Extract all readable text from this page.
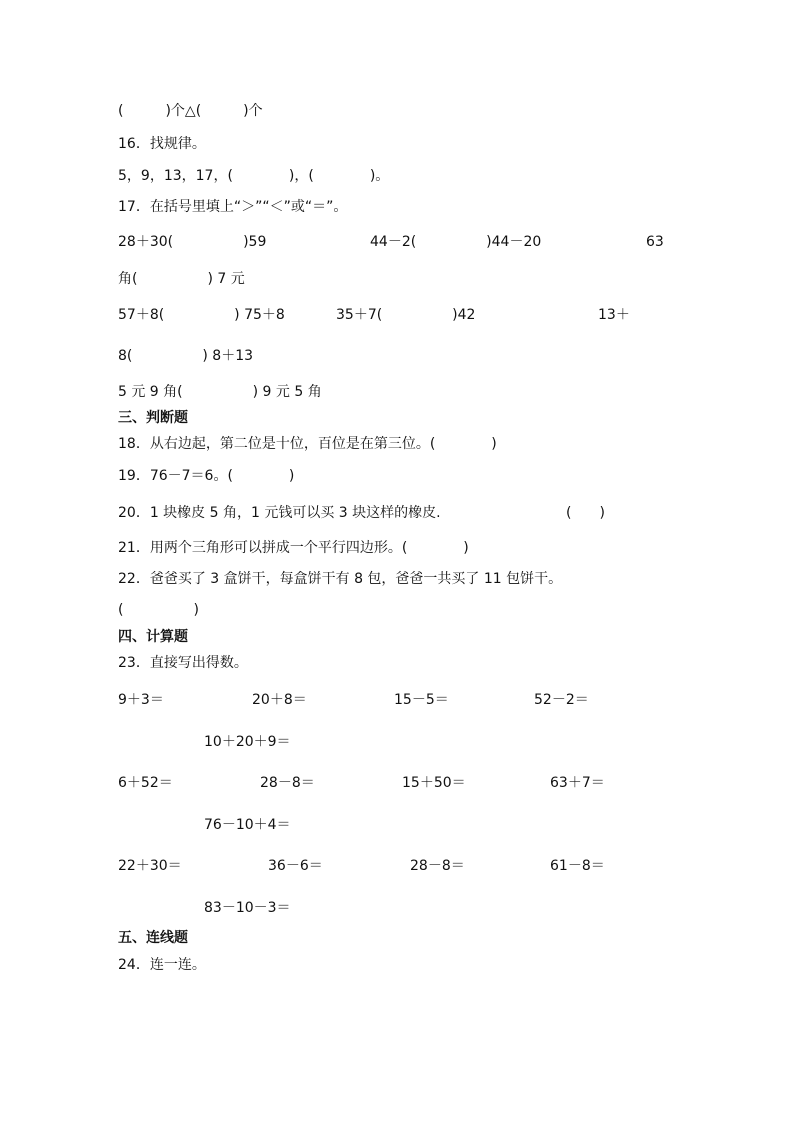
(　　　)个△(　　　)个
16．找规律。
5，9，13，17，(　　　　)，(　　　　)。
17．在括号里填上“＞”“＜”或“＝”。
28＋30(　　　　　)59	44－2(　　　　　)44－20	63
角(　　　　　) 7 元
57＋8(　　　　　) 75＋8	35＋7(　　　　　)42	13＋
8(　　　　　) 8＋13
5 元 9 角(　　　　　) 9 元 5 角
三、判断题
18．从右边起，第二位是十位，百位是在第三位。(　　　　)
19．76－7＝6。(　　　　)
20．1 块橡皮 5 角，1 元钱可以买 3 块这样的橡皮.	(　　)
21．用两个三角形可以拼成一个平行四边形。(　　　　)
22．爸爸买了 3 盒饼干，每盒饼干有 8 包，爸爸一共买了 11 包饼干。
(　　　　　)
四、计算题
23．直接写出得数。
9＋3＝	20＋8＝	15－5＝	52－2＝
10＋20＋9＝
6＋52＝	28－8＝	15＋50＝	63＋7＝
76－10＋4＝
22＋30＝	36－6＝	28－8＝	61－8＝
83－10－3＝
五、连线题
24．连一连。
